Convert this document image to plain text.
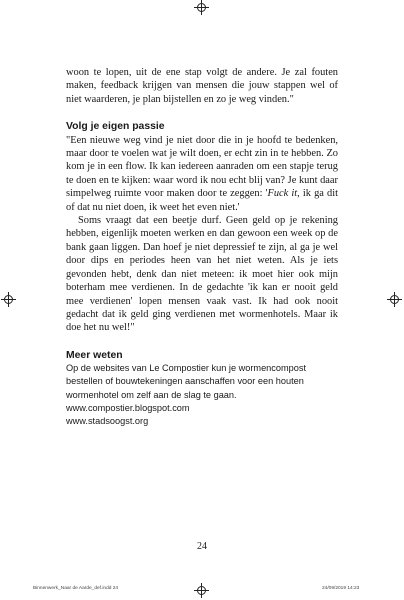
woon te lopen, uit de ene stap volgt de andere. Je zal fouten maken, feedback krijgen van mensen die jouw stappen wel of niet waarderen, je plan bijstellen en zo je weg vinden."

Volg je eigen passie

"Een nieuwe weg vind je niet door die in je hoofd te bedenken, maar door te voelen wat je wilt doen, er echt zin in te hebben. Zo kom je in een flow. Ik kan iedereen aanraden om een stapje terug te doen en te kijken: waar word ik nou echt blij van? Je kunt daar simpelweg ruimte voor maken door te zeggen: 'Fuck it, ik ga dit of dat nu niet doen, ik weet het even niet.'

Soms vraagt dat een beetje durf. Geen geld op je rekening hebben, eigenlijk moeten werken en dan gewoon een week op de bank gaan liggen. Dan hoef je niet depressief te zijn, al ga je wel door dips en periodes heen van het niet weten. Als je iets gevonden hebt, denk dan niet meteen: ik moet hier ook mijn boterham mee verdienen. In de gedachte 'ik kan er nooit geld mee verdienen' lopen mensen vaak vast. Ik had ook nooit gedacht dat ik geld ging verdienen met wormenhotels. Maar ik doe het nu wel!"

Meer weten

Op de websites van Le Compostier kun je wormencompost bestellen of bouwtekeningen aanschaffen voor een houten wormenhotel om zelf aan de slag te gaan.

www.compostier.blogspot.com

www.stadsoogst.org

24
Binnenwerk_Naar de Aarde_def.indd 24	24/09/2019 14:23
